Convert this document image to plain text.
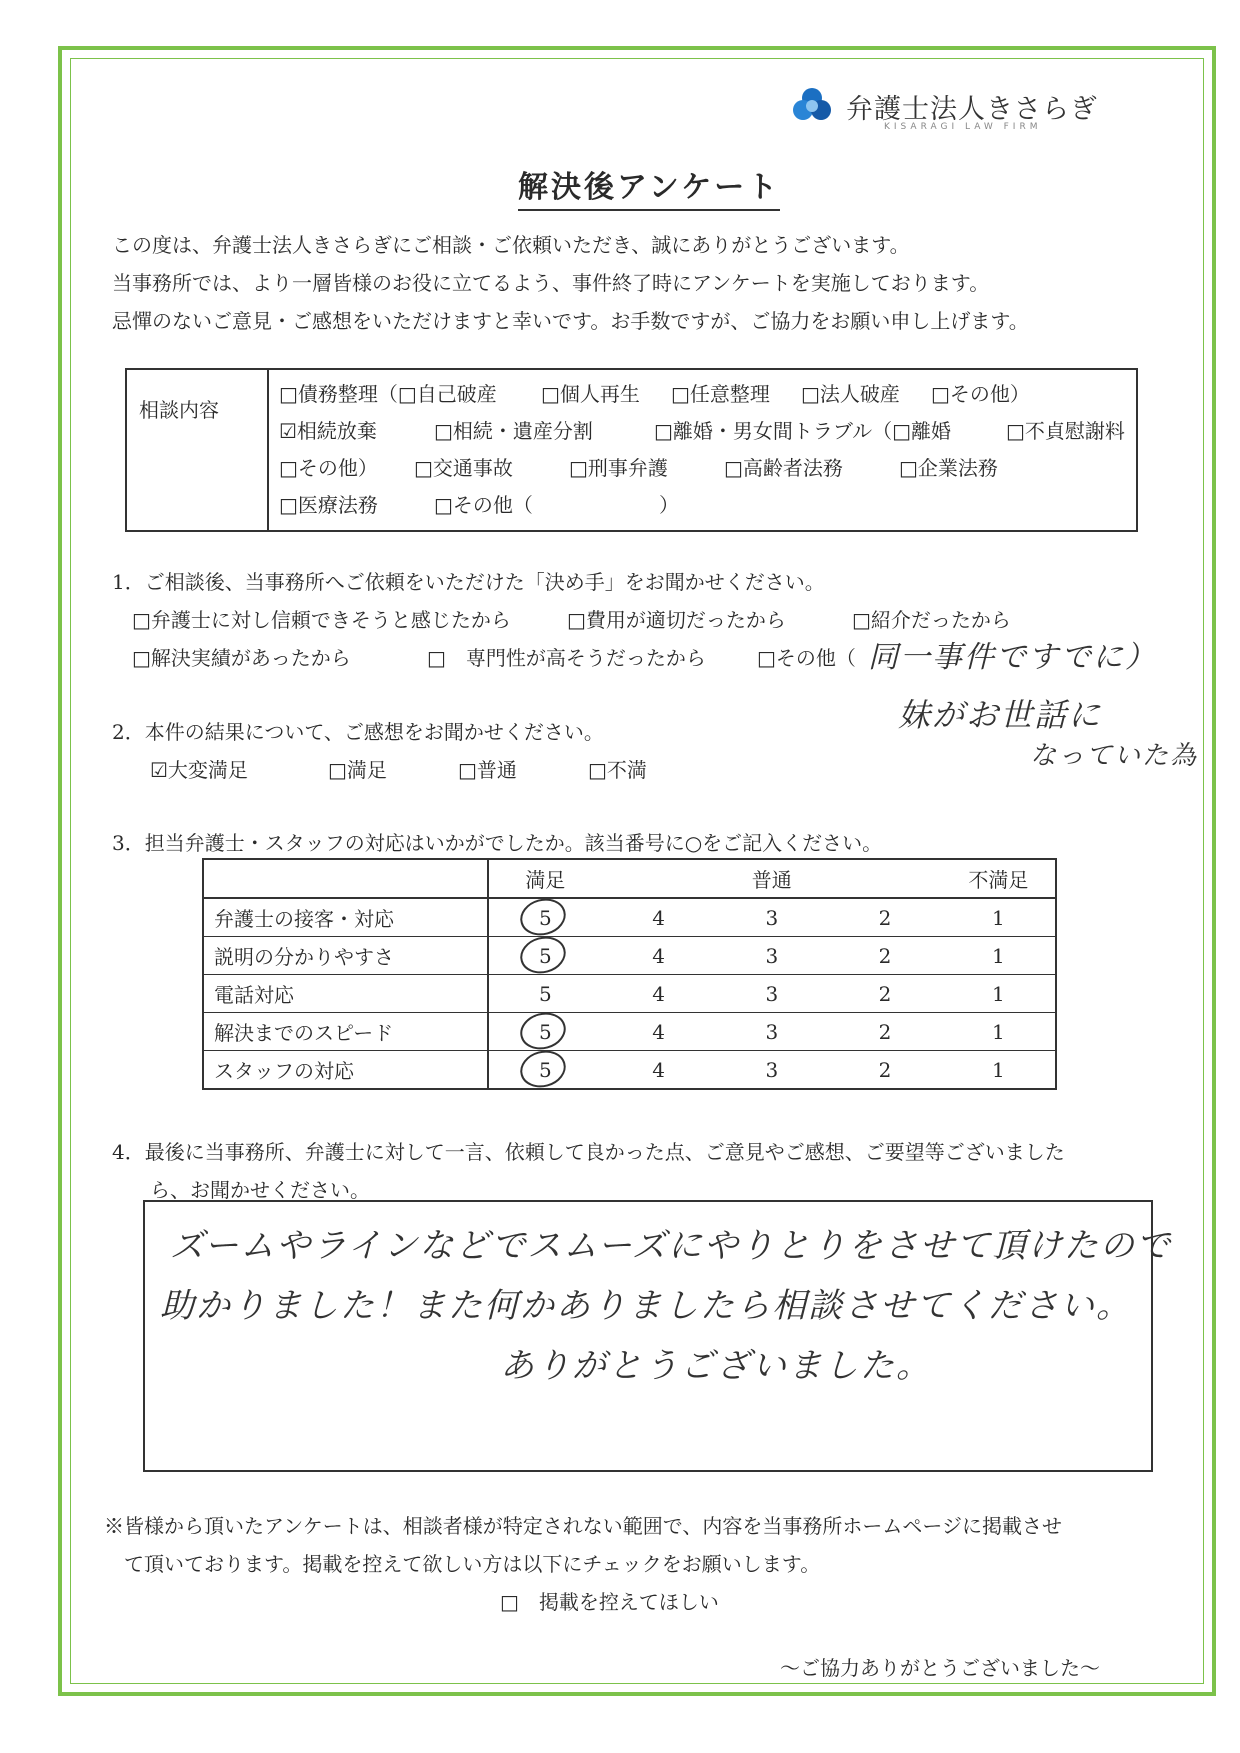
弁護士法人きさらぎ
KISARAGI LAW FIRM
解決後アンケート
この度は、弁護士法人きさらぎにご相談・ご依頼いただき、誠にありがとうございます。
当事務所では、より一層皆様のお役に立てるよう、事件終了時にアンケートを実施しております。
忌憚のないご意見・ご感想をいただけますと幸いです。お手数ですが、ご協力をお願い申し上げます。
相談内容	
□債務整理（□自己破産 □個人再生 □任意整理 □法人破産 □その他）
☑相続放棄	□相続・遺産分割	□離婚・男女間トラブル（□離婚	□不貞慰謝料
□その他） □交通事故	□刑事弁護	□高齢者法務	□企業法務
□医療法務	□その他（	）
1．ご相談後、当事務所へご依頼をいただけた「決め手」をお聞かせください。
□弁護士に対し信頼できそうと感じたから	□費用が適切だったから	□紹介だったから
□解決実績があったから	□　専門性が高そうだったから	□その他（ 同一事件ですでに）
妹がお世話に
なっていた為
2．本件の結果について、ご感想をお聞かせください。
☑大変満足	□満足	□普通	□不満
3．担当弁護士・スタッフの対応はいかがでしたか。該当番号に○をご記入ください。
	満足		普通		不満足
弁護士の接客・対応	5	4	3	2	1
説明の分かりやすさ	5	4	3	2	1
電話対応	5	4	3	2	1
解決までのスピード	5	4	3	2	1
スタッフの対応	5	4	3	2	1
4．最後に当事務所、弁護士に対して一言、依頼して良かった点、ご意見やご感想、ご要望等ございました
ら、お聞かせください。
ズームやラインなどでスムーズにやりとりをさせて頂けたので
助かりました！また何かありましたら相談させてください。
ありがとうございました。
※皆様から頂いたアンケートは、相談者様が特定されない範囲で、内容を当事務所ホームページに掲載させ
て頂いております。掲載を控えて欲しい方は以下にチェックをお願いします。
□　掲載を控えてほしい
～ご協力ありがとうございました～
